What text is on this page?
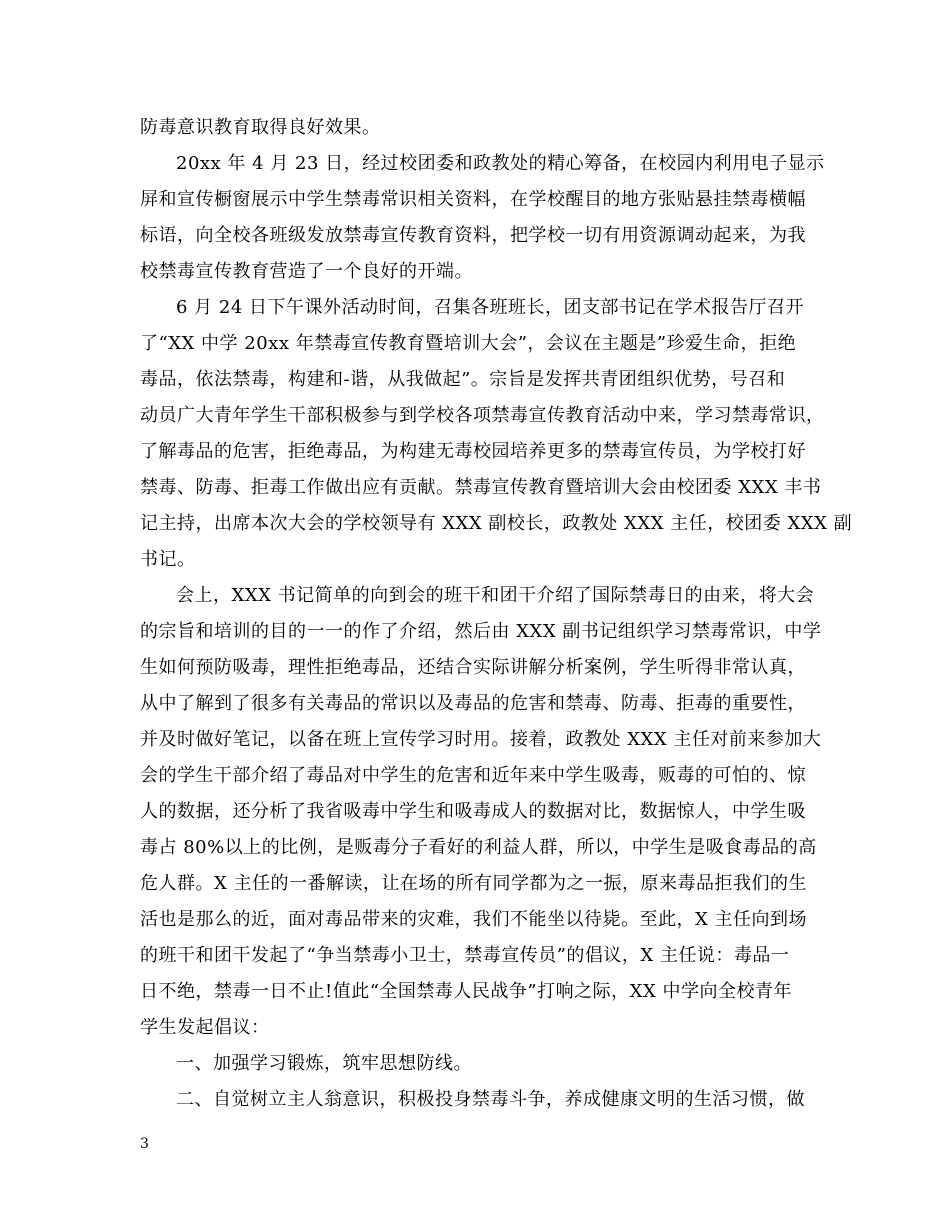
防毒意识教育取得良好效果。
20xx 年 4 月 23 日，经过校团委和政教处的精心筹备，在校园内利用电子显示
屏和宣传橱窗展示中学生禁毒常识相关资料，在学校醒目的地方张贴悬挂禁毒横幅
标语，向全校各班级发放禁毒宣传教育资料，把学校一切有用资源调动起来，为我
校禁毒宣传教育营造了一个良好的开端。
6 月 24 日下午课外活动时间，召集各班班长，团支部书记在学术报告厅召开
了“XX 中学 20xx 年禁毒宣传教育暨培训大会”，会议在主题是”珍爱生命，拒绝
毒品，依法禁毒，构建和-谐，从我做起”。宗旨是发挥共青团组织优势，号召和
动员广大青年学生干部积极参与到学校各项禁毒宣传教育活动中来，学习禁毒常识，
了解毒品的危害，拒绝毒品，为构建无毒校园培养更多的禁毒宣传员，为学校打好
禁毒、防毒、拒毒工作做出应有贡献。禁毒宣传教育暨培训大会由校团委 XXX 丰书
记主持，出席本次大会的学校领导有 XXX 副校长，政教处 XXX 主任，校团委 XXX 副
书记。
会上，XXX 书记简单的向到会的班干和团干介绍了国际禁毒日的由来，将大会
的宗旨和培训的目的一一的作了介绍，然后由 XXX 副书记组织学习禁毒常识，中学
生如何预防吸毒，理性拒绝毒品，还结合实际讲解分析案例，学生听得非常认真，
从中了解到了很多有关毒品的常识以及毒品的危害和禁毒、防毒、拒毒的重要性，
并及时做好笔记，以备在班上宣传学习时用。接着，政教处 XXX 主任对前来参加大
会的学生干部介绍了毒品对中学生的危害和近年来中学生吸毒，贩毒的可怕的、惊
人的数据，还分析了我省吸毒中学生和吸毒成人的数据对比，数据惊人，中学生吸
毒占 80%以上的比例，是贩毒分子看好的利益人群，所以，中学生是吸食毒品的高
危人群。X 主任的一番解读，让在场的所有同学都为之一振，原来毒品拒我们的生
活也是那么的近，面对毒品带来的灾难，我们不能坐以待毙。至此，X 主任向到场
的班干和团干发起了“争当禁毒小卫士，禁毒宣传员”的倡议，X 主任说：毒品一
日不绝，禁毒一日不止!值此“全国禁毒人民战争”打响之际，XX 中学向全校青年
学生发起倡议：
一、加强学习锻炼，筑牢思想防线。
二、自觉树立主人翁意识，积极投身禁毒斗争，养成健康文明的生活习惯，做
3
